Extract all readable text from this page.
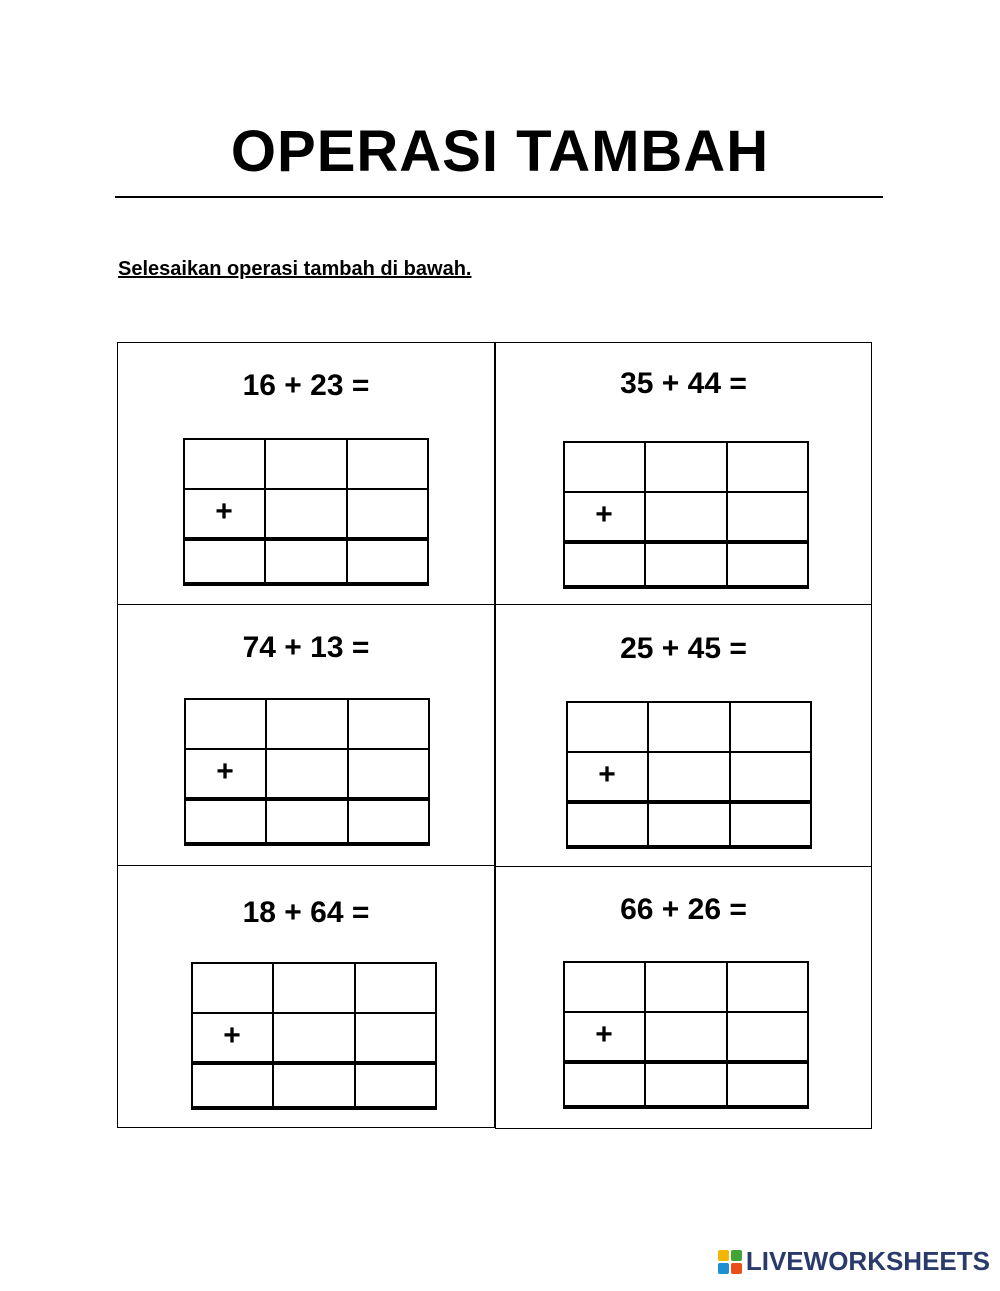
OPERASI TAMBAH
Selesaikan operasi tambah di bawah.
16 + 23 =
+
35 + 44 =
+
74 + 13 =
+
25 + 45 =
+
18 + 64 =
+
66 + 26 =
+
LIVEWORKSHEETS
